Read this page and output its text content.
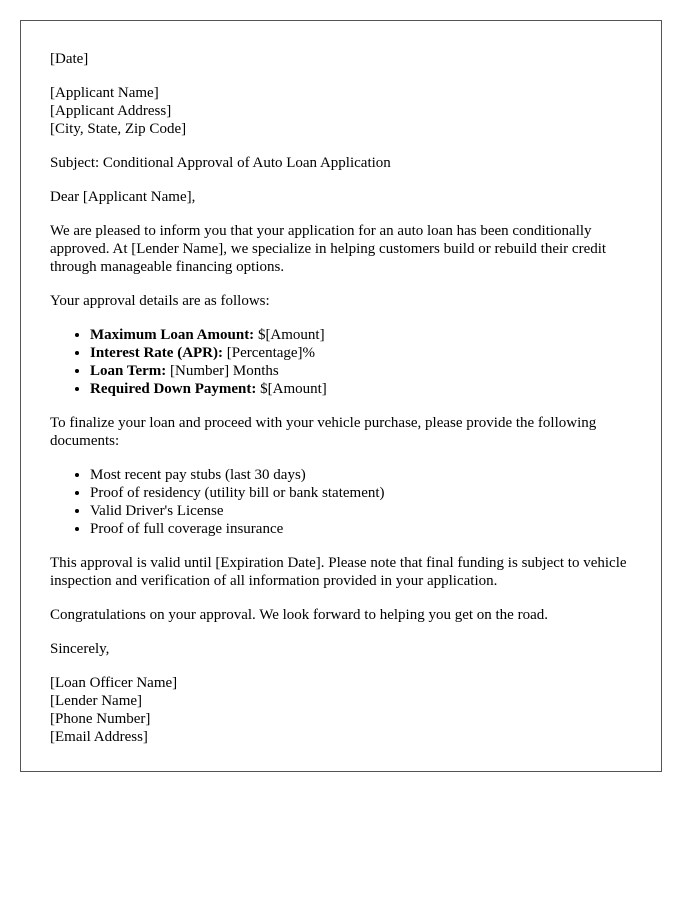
[Date]
[Applicant Name]
[Applicant Address]
[City, State, Zip Code]

Subject: Conditional Approval of Auto Loan Application

Dear [Applicant Name],

We are pleased to inform you that your application for an auto loan has been conditionally approved. At [Lender Name], we specialize in helping customers build or rebuild their credit through manageable financing options.

Your approval details are as follows:

• Maximum Loan Amount: $[Amount]
• Interest Rate (APR): [Percentage]%
• Loan Term: [Number] Months
• Required Down Payment: $[Amount]

To finalize your loan and proceed with your vehicle purchase, please provide the following documents:

• Most recent pay stubs (last 30 days)
• Proof of residency (utility bill or bank statement)
• Valid Driver's License
• Proof of full coverage insurance

This approval is valid until [Expiration Date]. Please note that final funding is subject to vehicle inspection and verification of all information provided in your application.

Congratulations on your approval. We look forward to helping you get on the road.

Sincerely,

[Loan Officer Name]
[Lender Name]
[Phone Number]
[Email Address]
